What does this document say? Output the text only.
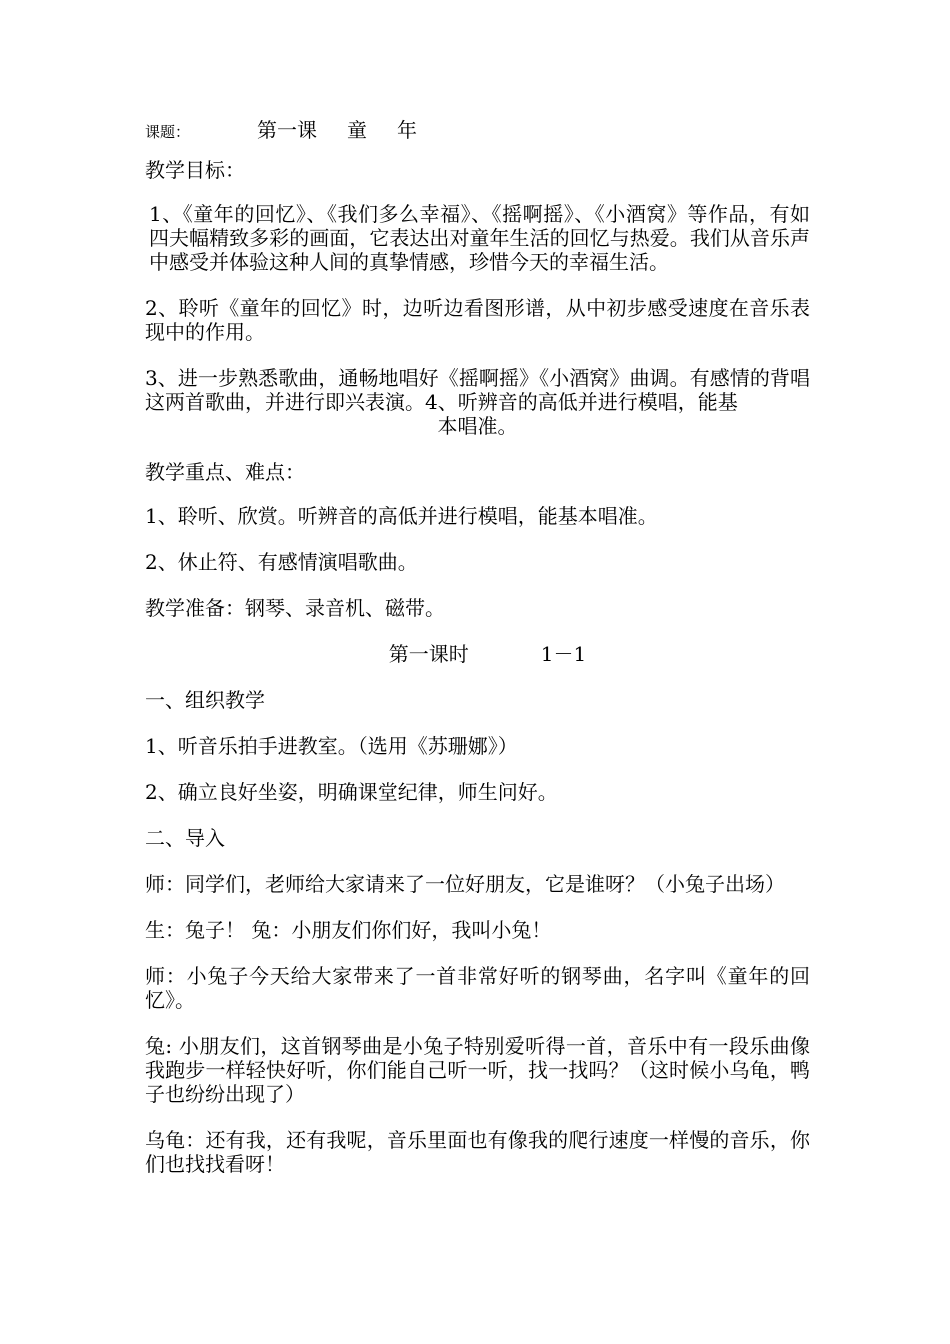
课题：	第一课 童 年

教学目标：

1、《童年的回忆》、《我们多么幸福》、《摇啊摇》、《小酒窝》等作品，有如四夫幅精致多彩的画面，它表达出对童年生活的回忆与热爱。我们从音乐声中感受并体验这种人间的真挚情感，珍惜今天的幸福生活。

2、聆听《童年的回忆》时，边听边看图形谱，从中初步感受速度在音乐表现中的作用。

3、进一步熟悉歌曲，通畅地唱好《摇啊摇》《小酒窝》曲调。有感情的背唱这两首歌曲，并进行即兴表演。4、听辨音的高低并进行模唱，能基
本唱准。

教学重点、难点：

1、聆听、欣赏。听辨音的高低并进行模唱，能基本唱准。

2、休止符、有感情演唱歌曲。

教学准备：钢琴、录音机、磁带。

第一课时	1－1

一、组织教学

1、听音乐拍手进教室。（选用《苏珊娜》）

2、确立良好坐姿，明确课堂纪律，师生问好。

二、导入

师：同学们，老师给大家请来了一位好朋友，它是谁呀？（小兔子出场）

生：兔子！ 兔：小朋友们你们好，我叫小兔！

师：小兔子今天给大家带来了一首非常好听的钢琴曲，名字叫《童年的回忆》。

兔: 小朋友们，这首钢琴曲是小兔子特别爱听得一首，音乐中有一段乐曲像我跑步一样轻快好听，你们能自己听一听，找一找吗？（这时候小乌龟，鸭子也纷纷出现了）

乌龟：还有我，还有我呢，音乐里面也有像我的爬行速度一样慢的音乐，你们也找找看呀！
